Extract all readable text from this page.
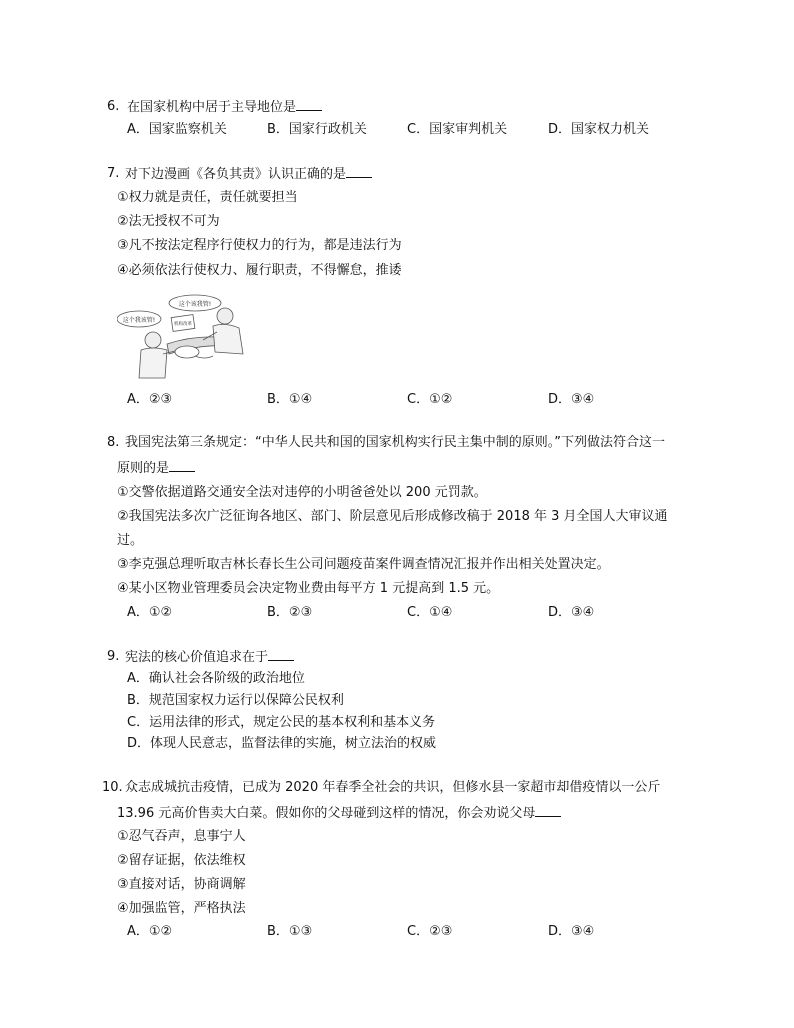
6. 在国家机构中居于主导地位是
A．国家监察机关	B．国家行政机关	C．国家审判机关	D．国家权力机关
7. 对下边漫画《各负其责》认识正确的是
①权力就是责任，责任就要担当
②法无授权不可为
③凡不按法定程序行使权力的行为，都是违法行为
④必须依法行使权力、履行职责，不得懈怠，推诿
这个该我管!
这个我该管!
机构改革
A．②③	B．①④	C．①②	D．③④
8. 我国宪法第三条规定：“中华人民共和国的国家机构实行民主集中制的原则。”下列做法符合这一
原则的是
①交警依据道路交通安全法对违停的小明爸爸处以 200 元罚款。
②我国宪法多次广泛征询各地区、部门、阶层意见后形成修改稿于 2018 年 3 月全国人大审议通
过。
③李克强总理听取吉林长春长生公司问题疫苗案件调查情况汇报并作出相关处置决定。
④某小区物业管理委员会决定物业费由每平方 1 元提高到 1.5 元。
A．①②	B．②③	C．①④	D．③④
9. 宪法的核心价值追求在于
A．确认社会各阶级的政治地位
B．规范国家权力运行以保障公民权利
C．运用法律的形式，规定公民的基本权利和基本义务
D．体现人民意志，监督法律的实施，树立法治的权威
10. 众志成城抗击疫情，已成为 2020 年春季全社会的共识，但修水县一家超市却借疫情以一公斤
13.96 元高价售卖大白菜。假如你的父母碰到这样的情况，你会劝说父母
①忍气吞声，息事宁人
②留存证据，依法维权
③直接对话，协商调解
④加强监管，严格执法
A．①②	B．①③	C．②③	D．③④
